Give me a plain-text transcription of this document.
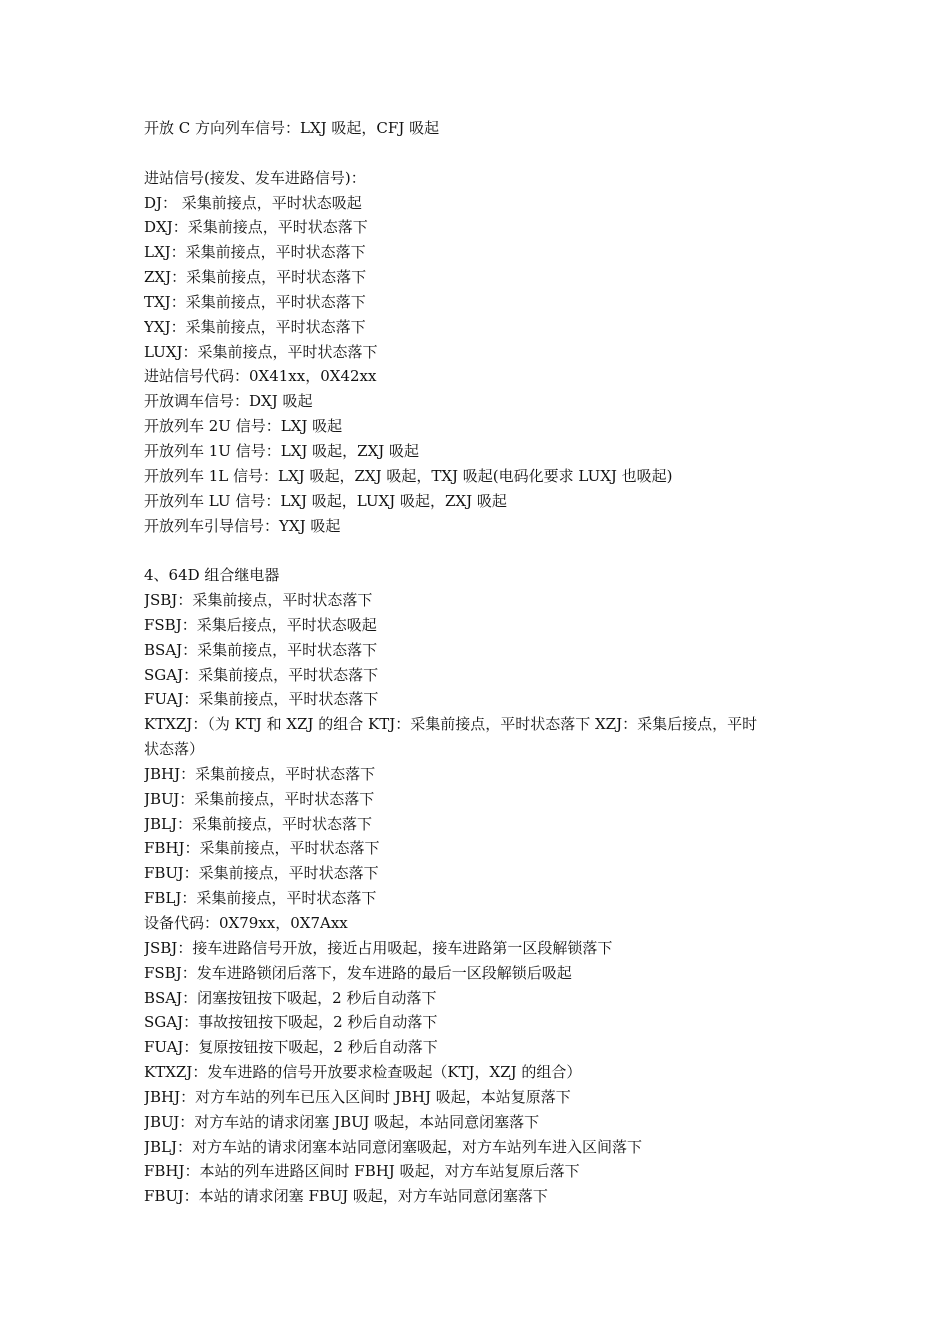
开放 C 方向列车信号：LXJ 吸起，CFJ 吸起
进站信号(接发、发车进路信号)：
DJ： 采集前接点，平时状态吸起
DXJ：采集前接点，平时状态落下
LXJ：采集前接点，平时状态落下
ZXJ：采集前接点，平时状态落下
TXJ：采集前接点，平时状态落下
YXJ：采集前接点，平时状态落下
LUXJ：采集前接点，平时状态落下
进站信号代码：0X41xx，0X42xx
开放调车信号：DXJ 吸起
开放列车 2U 信号：LXJ 吸起
开放列车 1U 信号：LXJ 吸起，ZXJ 吸起
开放列车 1L 信号：LXJ 吸起，ZXJ 吸起，TXJ 吸起(电码化要求 LUXJ 也吸起)
开放列车 LU 信号：LXJ 吸起，LUXJ 吸起，ZXJ 吸起
开放列车引导信号：YXJ 吸起
4、64D 组合继电器
JSBJ：采集前接点，平时状态落下
FSBJ：采集后接点，平时状态吸起
BSAJ：采集前接点，平时状态落下
SGAJ：采集前接点，平时状态落下
FUAJ：采集前接点，平时状态落下
KTXZJ：（为 KTJ 和 XZJ 的组合 KTJ：采集前接点，平时状态落下 XZJ：采集后接点，平时
状态落）
JBHJ：采集前接点，平时状态落下
JBUJ：采集前接点，平时状态落下
JBLJ：采集前接点，平时状态落下
FBHJ：采集前接点，平时状态落下
FBUJ：采集前接点，平时状态落下
FBLJ：采集前接点，平时状态落下
设备代码：0X79xx，0X7Axx
JSBJ：接车进路信号开放，接近占用吸起，接车进路第一区段解锁落下
FSBJ：发车进路锁闭后落下，发车进路的最后一区段解锁后吸起
BSAJ：闭塞按钮按下吸起，2 秒后自动落下
SGAJ：事故按钮按下吸起，2 秒后自动落下
FUAJ：复原按钮按下吸起，2 秒后自动落下
KTXZJ：发车进路的信号开放要求检查吸起（KTJ，XZJ 的组合）
JBHJ：对方车站的列车已压入区间时 JBHJ 吸起，本站复原落下
JBUJ：对方车站的请求闭塞 JBUJ 吸起，本站同意闭塞落下
JBLJ：对方车站的请求闭塞本站同意闭塞吸起，对方车站列车进入区间落下
FBHJ：本站的列车进路区间时 FBHJ 吸起，对方车站复原后落下
FBUJ：本站的请求闭塞 FBUJ 吸起，对方车站同意闭塞落下
